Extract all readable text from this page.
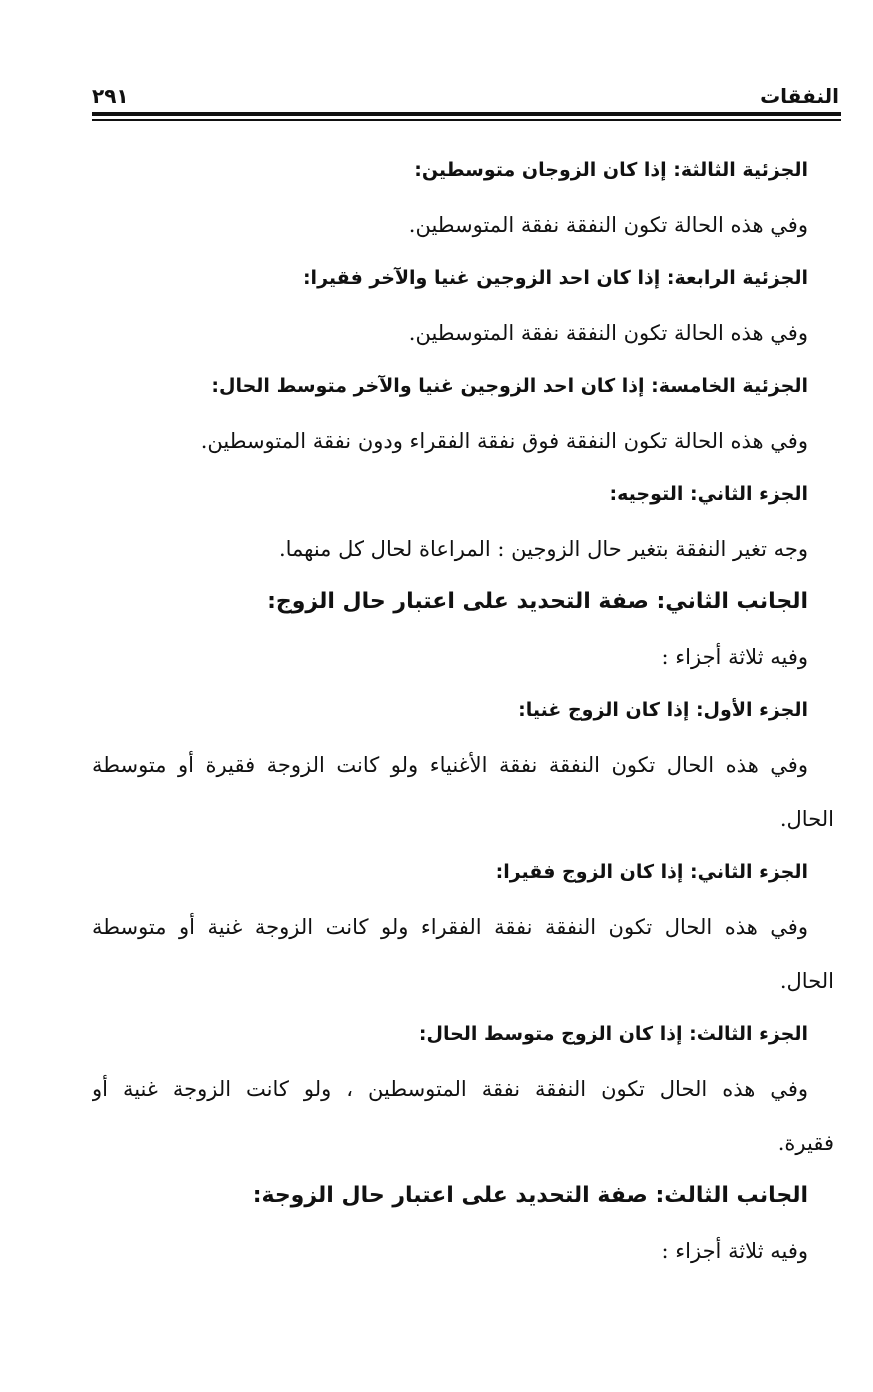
٢٩١	النفقات
الجزئية الثالثة: إذا كان الزوجان متوسطين:
وفي هذه الحالة تكون النفقة نفقة المتوسطين.
الجزئية الرابعة: إذا كان احد الزوجين غنيا والآخر فقيرا:
وفي هذه الحالة تكون النفقة نفقة المتوسطين.
الجزئية الخامسة: إذا كان احد الزوجين غنيا والآخر متوسط الحال:
وفي هذه الحالة تكون النفقة فوق نفقة الفقراء ودون نفقة المتوسطين.
الجزء الثاني: التوجيه:
وجه تغير النفقة بتغير حال الزوجين : المراعاة لحال كل منهما.
الجانب الثاني: صفة التحديد على اعتبار حال الزوج:
وفيه ثلاثة أجزاء :
الجزء الأول: إذا كان الزوج غنيا:
وفي هذه الحال تكون النفقة نفقة الأغنياء ولو كانت الزوجة فقيرة أو متوسطة
الحال.
الجزء الثاني: إذا كان الزوج فقيرا:
وفي هذه الحال تكون النفقة نفقة الفقراء ولو كانت الزوجة غنية أو متوسطة
الحال.
الجزء الثالث: إذا كان الزوج متوسط الحال:
وفي هذه الحال تكون النفقة نفقة المتوسطين ، ولو كانت الزوجة غنية أو
فقيرة.
الجانب الثالث: صفة التحديد على اعتبار حال الزوجة:
وفيه ثلاثة أجزاء :
